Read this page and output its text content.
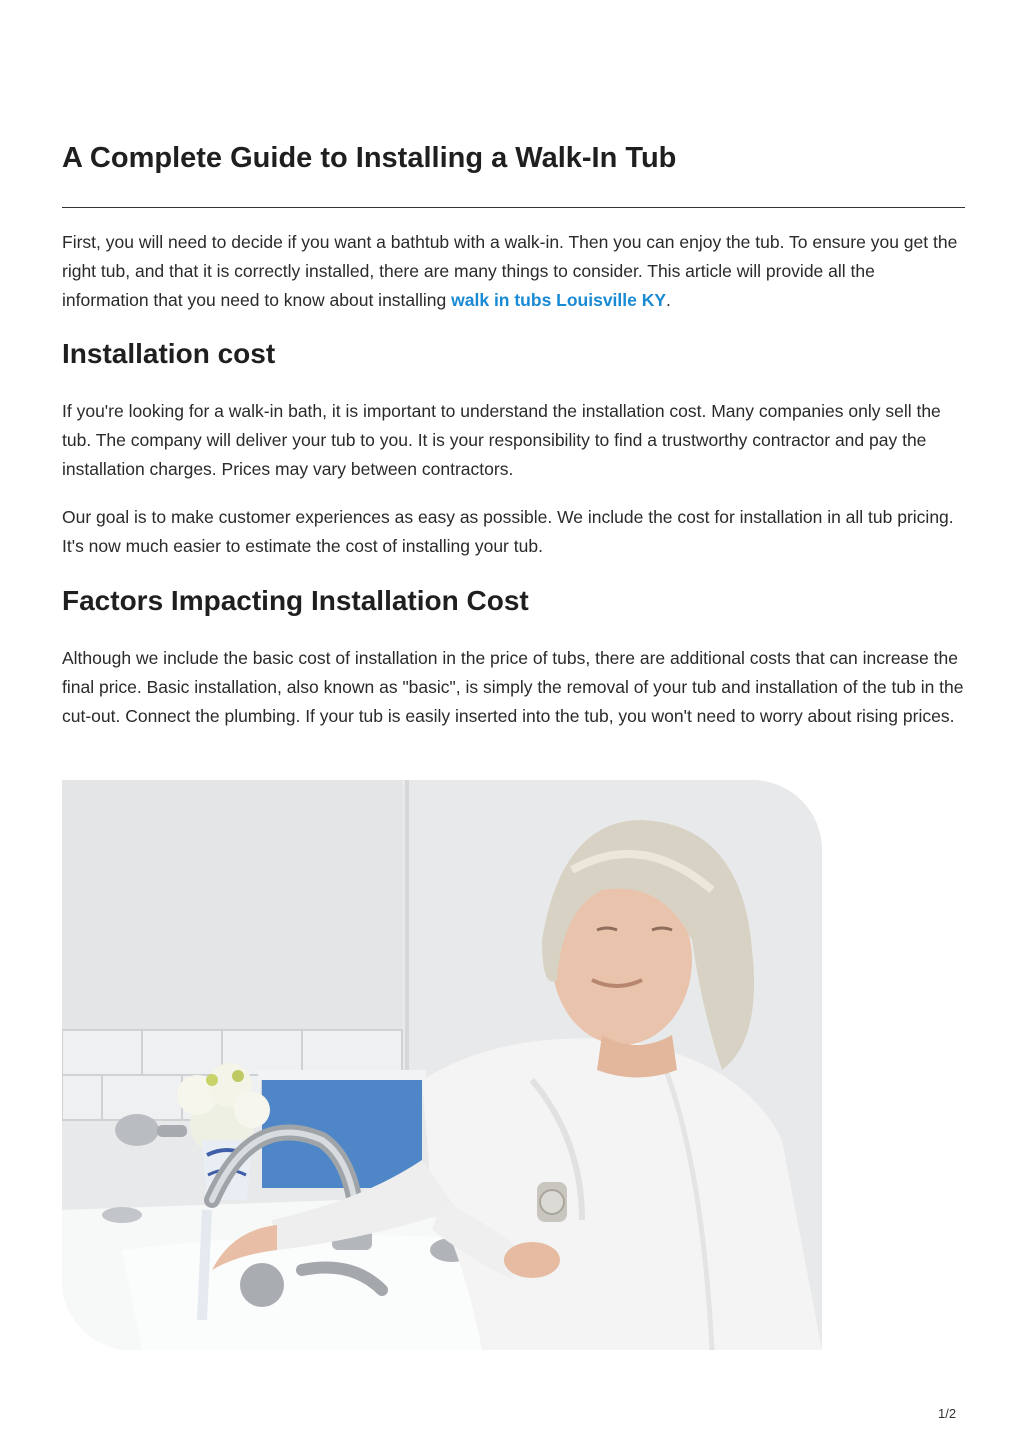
A Complete Guide to Installing a Walk-In Tub

First, you will need to decide if you want a bathtub with a walk-in. Then you can enjoy the tub. To ensure you get the right tub, and that it is correctly installed, there are many things to consider. This article will provide all the information that you need to know about installing walk in tubs Louisville KY.

Installation cost

If you're looking for a walk-in bath, it is important to understand the installation cost. Many companies only sell the tub. The company will deliver your tub to you. It is your responsibility to find a trustworthy contractor and pay the installation charges. Prices may vary between contractors.

Our goal is to make customer experiences as easy as possible. We include the cost for installation in all tub pricing. It's now much easier to estimate the cost of installing your tub.

Factors Impacting Installation Cost

Although we include the basic cost of installation in the price of tubs, there are additional costs that can increase the final price. Basic installation, also known as "basic", is simply the removal of your tub and installation of the tub in the cut-out. Connect the plumbing. If your tub is easily inserted into the tub, you won't need to worry about rising prices.

1/2
